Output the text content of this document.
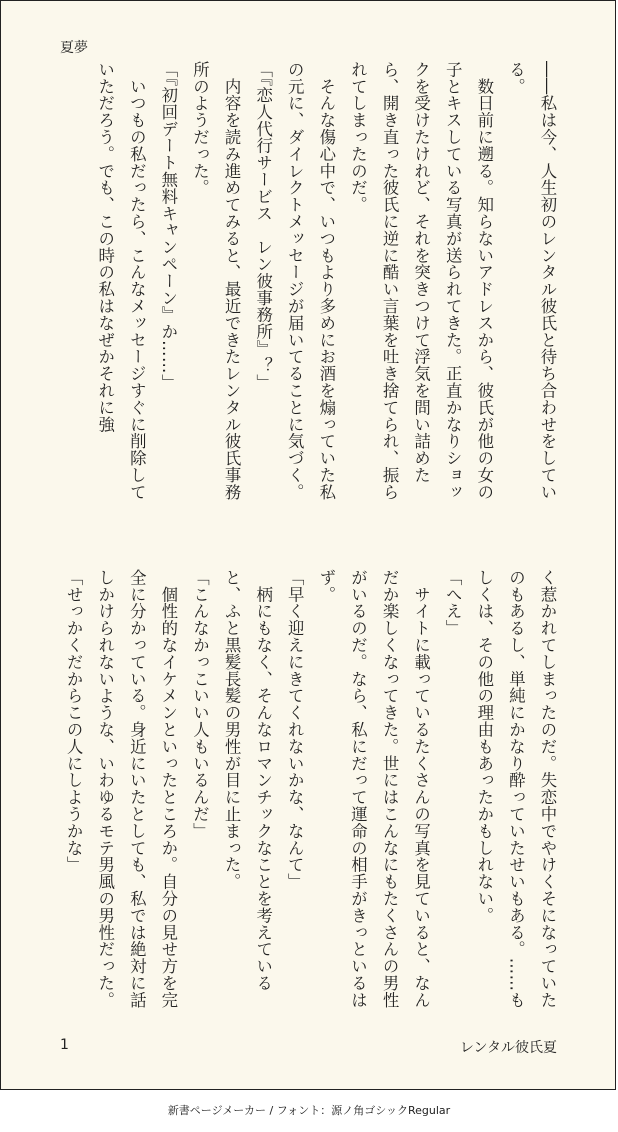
夏夢

――私は今、人生初のレンタル彼氏と待ち合わせをしている。

　数日前に遡る。知らないアドレスから、彼氏が他の女の子とキスしている写真が送られてきた。正直かなりショックを受けたけれど、それを突きつけて浮気を問い詰めたら、開き直った彼氏に逆に酷い言葉を吐き捨てられ、振られてしまったのだ。

　そんな傷心中で、いつもより多めにお酒を煽っていた私の元に、ダイレクトメッセージが届いてることに気づく。

「『恋人代行サービス　レン彼事務所』？」

　内容を読み進めてみると、最近できたレンタル彼氏事務所のようだった。

「『初回デート無料キャンペーン』か……」

　いつもの私だったら、こんなメッセージすぐに削除していただろう。でも、この時の私はなぜかそれに強

く惹かれてしまったのだ。失恋中でやけくそになっていたのもあるし、単純にかなり酔っていたせいもある。……もしくは、その他の理由もあったかもしれない。

「へえ」

　サイトに載っているたくさんの写真を見ていると、なんだか楽しくなってきた。世にはこんなにもたくさんの男性がいるのだ。なら、私にだって運命の相手がきっといるはず。

「早く迎えにきてくれないかな、なんて」

　柄にもなく、そんなロマンチックなことを考えていると、ふと黒髪長髪の男性が目に止まった。

「こんなかっこいい人もいるんだ」

　個性的なイケメンといったところか。自分の見せ方を完全に分かっている。身近にいたとしても、私では絶対に話しかけられないような、いわゆるモテ男風の男性だった。

「せっかくだからこの人にしようかな」

1	レンタル彼氏夏
新書ページメーカー / フォント：源ノ角ゴシックRegular
